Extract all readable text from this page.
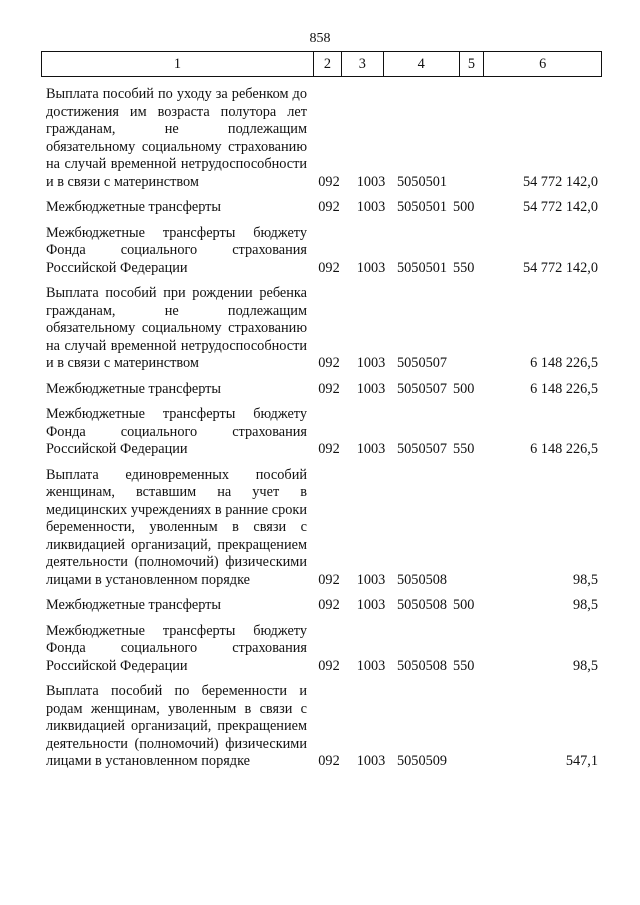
858
1	2	3	4	5	6
Выплата пособий по уходу за ребенком до достижения им возраста полутора лет гражданам, не подлежащим обязательному социальному страхованию на случай временной нетрудоспособности и в связи с материнством	092	1003 5050501	54 772 142,0
Межбюджетные трансферты	092	1003 5050501 500	54 772 142,0
Межбюджетные трансферты бюджету Фонда социального страхования Российской Федерации	092	1003 5050501 550	54 772 142,0
Выплата пособий при рождении ребенка гражданам, не подлежащим обязательному социальному страхованию на случай временной нетрудоспособности и в связи с материнством	092	1003 5050507	6 148 226,5
Межбюджетные трансферты	092	1003 5050507 500	6 148 226,5
Межбюджетные трансферты бюджету Фонда социального страхования Российской Федерации	092	1003 5050507 550	6 148 226,5
Выплата единовременных пособий женщинам, вставшим на учет в медицинских учреждениях в ранние сроки беременности, уволенным в связи с ликвидацией организаций, прекращением деятельности (полномочий) физическими лицами в установленном порядке	092	1003 5050508	98,5
Межбюджетные трансферты	092	1003 5050508 500	98,5
Межбюджетные трансферты бюджету Фонда социального страхования Российской Федерации	092	1003 5050508 550	98,5
Выплата пособий по беременности и родам женщинам, уволенным в связи с ликвидацией организаций, прекращением деятельности (полномочий) физическими лицами в установленном порядке	092	1003 5050509	547,1
